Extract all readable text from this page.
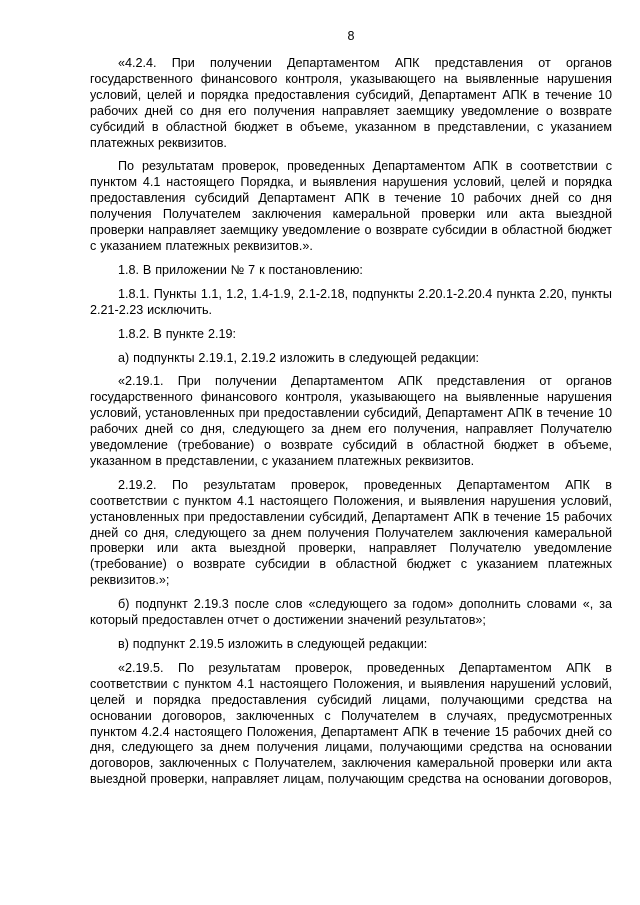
8

«4.2.4. При получении Департаментом АПК представления от органов государственного финансового контроля, указывающего на выявленные нарушения условий, целей и порядка предоставления субсидий, Департамент АПК в течение 10 рабочих дней со дня его получения направляет заемщику уведомление о возврате субсидий в областной бюджет в объеме, указанном в представлении, с указанием платежных реквизитов.

По результатам проверок, проведенных Департаментом АПК в соответствии с пунктом 4.1 настоящего Порядка, и выявления нарушения условий, целей и порядка предоставления субсидий Департамент АПК в течение 10 рабочих дней со дня получения Получателем заключения камеральной проверки или акта выездной проверки направляет заемщику уведомление о возврате субсидии в областной бюджет с указанием платежных реквизитов.».

1.8. В приложении № 7 к постановлению:

1.8.1. Пункты 1.1, 1.2, 1.4-1.9, 2.1-2.18, подпункты 2.20.1-2.20.4 пункта 2.20, пункты 2.21-2.23 исключить.

1.8.2. В пункте 2.19:

а) подпункты 2.19.1, 2.19.2 изложить в следующей редакции:

«2.19.1. При получении Департаментом АПК представления от органов государственного финансового контроля, указывающего на выявленные нарушения условий, установленных при предоставлении субсидий, Департамент АПК в течение 10 рабочих дней со дня, следующего за днем его получения, направляет Получателю уведомление (требование) о возврате субсидий в областной бюджет в объеме, указанном в представлении, с указанием платежных реквизитов.

2.19.2. По результатам проверок, проведенных Департаментом АПК в соответствии с пунктом 4.1 настоящего Положения, и выявления нарушения условий, установленных при предоставлении субсидий, Департамент АПК в течение 15 рабочих дней со дня, следующего за днем получения Получателем заключения камеральной проверки или акта выездной проверки, направляет Получателю уведомление (требование) о возврате субсидии в областной бюджет с указанием платежных реквизитов.»;

б) подпункт 2.19.3 после слов «следующего за годом» дополнить словами «, за который предоставлен отчет о достижении значений результатов»;

в) подпункт 2.19.5 изложить в следующей редакции:

«2.19.5. По результатам проверок, проведенных Департаментом АПК в соответствии с пунктом 4.1 настоящего Положения, и выявления нарушений условий, целей и порядка предоставления субсидий лицами, получающими средства на основании договоров, заключенных с Получателем в случаях, предусмотренных пунктом 4.2.4 настоящего Положения, Департамент АПК в течение 15 рабочих дней со дня, следующего за днем получения лицами, получающими средства на основании договоров, заключенных с Получателем, заключения камеральной проверки или акта выездной проверки, направляет лицам, получающим средства на основании договоров,
